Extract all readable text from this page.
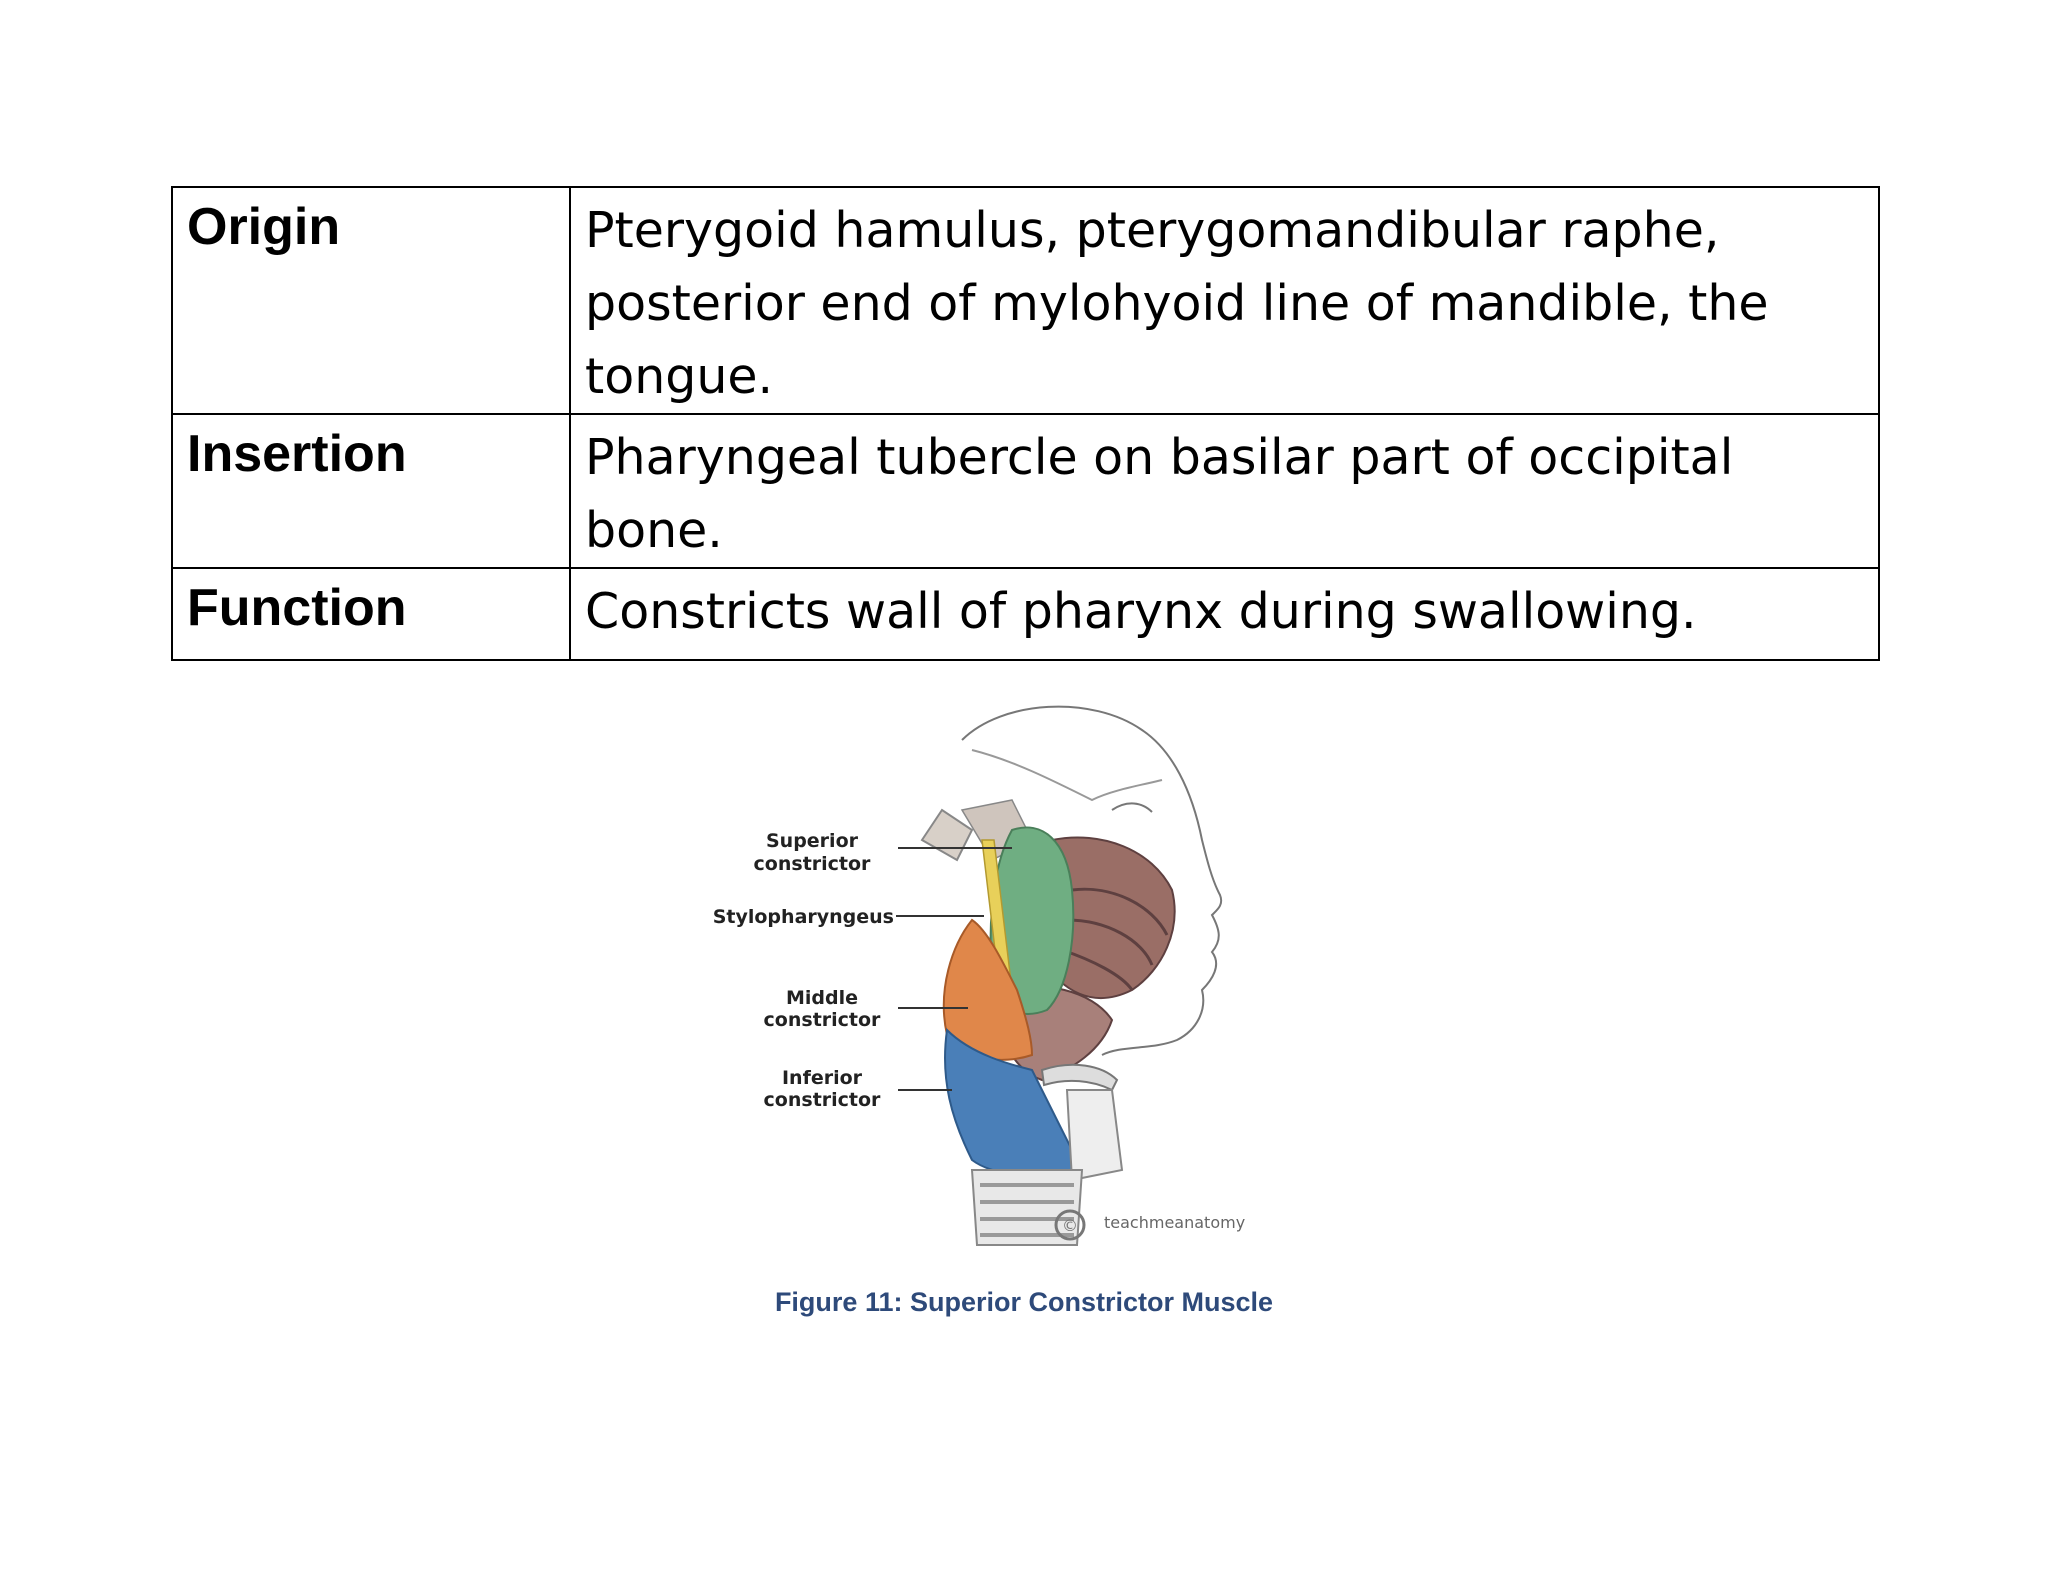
Origin	Pterygoid hamulus, pterygomandibular raphe, posterior end of mylohyoid line of mandible, the tongue.
Insertion	Pharyngeal tubercle on basilar part of occipital bone.
Function	Constricts wall of pharynx during swallowing.
Superior
constrictor
Stylopharyngeus
Middle
constrictor
Inferior
constrictor
© teachmeanatomy
Figure 11: Superior Constrictor Muscle
